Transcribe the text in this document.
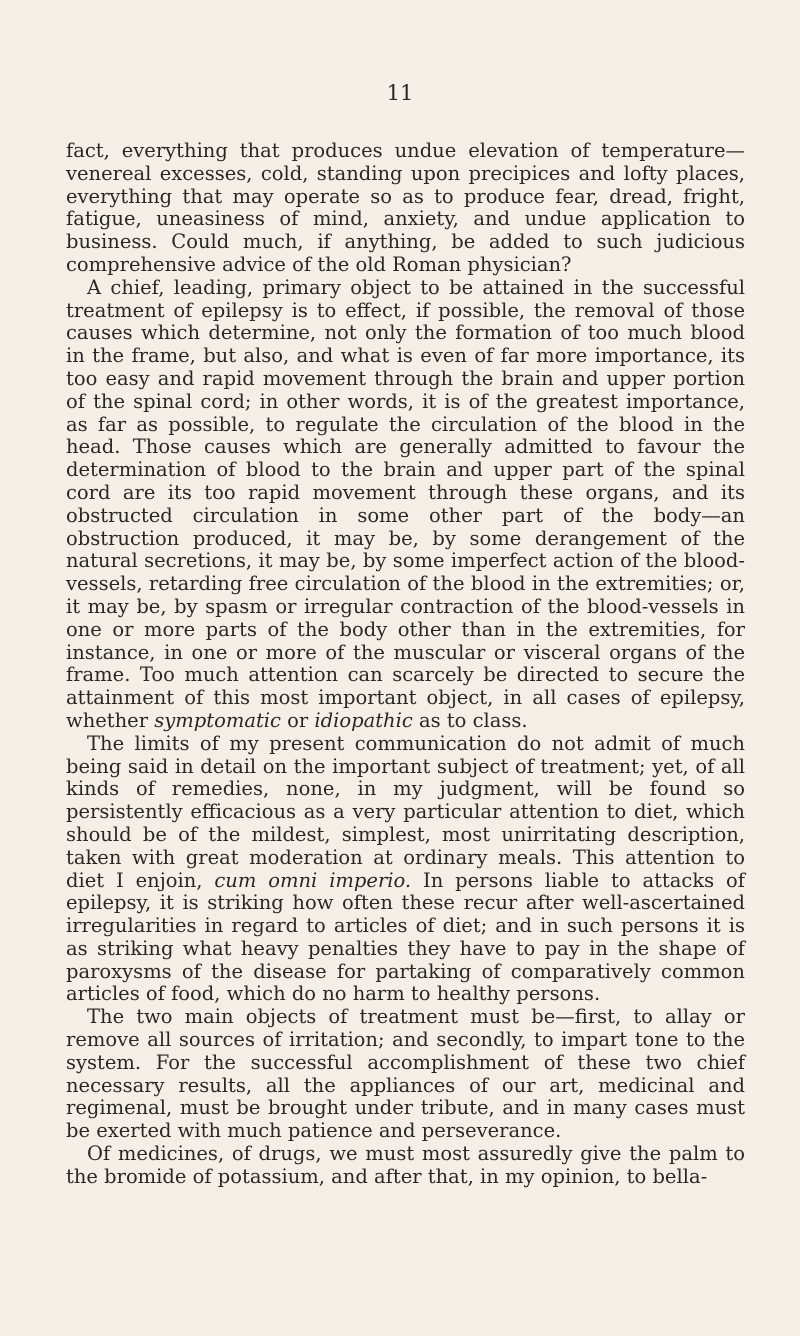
11

fact, everything that produces undue elevation of temperature—venereal excesses, cold, standing upon precipices and lofty places, everything that may operate so as to produce fear, dread, fright, fatigue, uneasiness of mind, anxiety, and undue application to business. Could much, if anything, be added to such judicious comprehensive advice of the old Roman physician?

A chief, leading, primary object to be attained in the successful treatment of epilepsy is to effect, if possible, the removal of those causes which determine, not only the formation of too much blood in the frame, but also, and what is even of far more importance, its too easy and rapid movement through the brain and upper portion of the spinal cord; in other words, it is of the greatest importance, as far as possible, to regulate the circulation of the blood in the head. Those causes which are generally admitted to favour the determination of blood to the brain and upper part of the spinal cord are its too rapid movement through these organs, and its obstructed circulation in some other part of the body—an obstruction produced, it may be, by some derangement of the natural secretions, it may be, by some imperfect action of the blood-vessels, retarding free circulation of the blood in the extremities; or, it may be, by spasm or irregular contraction of the blood-vessels in one or more parts of the body other than in the extremities, for instance, in one or more of the muscular or visceral organs of the frame. Too much attention can scarcely be directed to secure the attainment of this most important object, in all cases of epilepsy, whether symptomatic or idiopathic as to class.

The limits of my present communication do not admit of much being said in detail on the important subject of treatment; yet, of all kinds of remedies, none, in my judgment, will be found so persistently efficacious as a very particular attention to diet, which should be of the mildest, simplest, most unirritating description, taken with great moderation at ordinary meals. This attention to diet I enjoin, cum omni imperio. In persons liable to attacks of epilepsy, it is striking how often these recur after well-ascertained irregularities in regard to articles of diet; and in such persons it is as striking what heavy penalties they have to pay in the shape of paroxysms of the disease for partaking of comparatively common articles of food, which do no harm to healthy persons.

The two main objects of treatment must be—first, to allay or remove all sources of irritation; and secondly, to impart tone to the system. For the successful accomplishment of these two chief necessary results, all the appliances of our art, medicinal and regimenal, must be brought under tribute, and in many cases must be exerted with much patience and perseverance.

Of medicines, of drugs, we must most assuredly give the palm to the bromide of potassium, and after that, in my opinion, to bella-
